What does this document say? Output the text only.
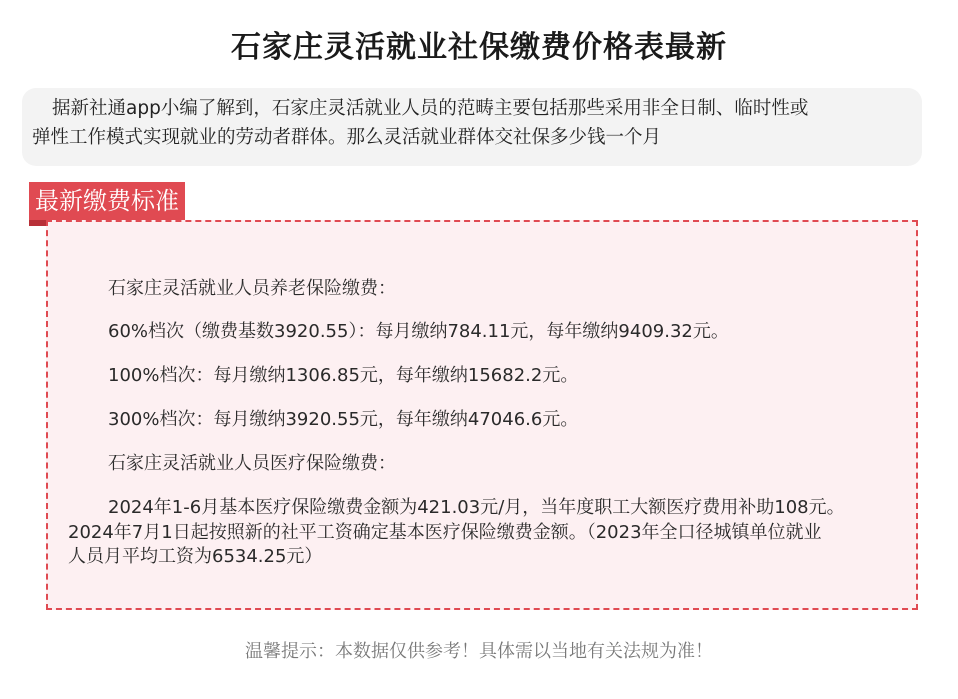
石家庄灵活就业社保缴费价格表最新
据新社通app小编了解到，石家庄灵活就业人员的范畴主要包括那些采用非全日制、临时性或
弹性工作模式实现就业的劳动者群体。那么灵活就业群体交社保多少钱一个月
最新缴费标准
石家庄灵活就业人员养老保险缴费：
60%档次（缴费基数3920.55）：每月缴纳784.11元，每年缴纳9409.32元。
100%档次：每月缴纳1306.85元，每年缴纳15682.2元。
300%档次：每月缴纳3920.55元，每年缴纳47046.6元。
石家庄灵活就业人员医疗保险缴费：
2024年1-6月基本医疗保险缴费金额为421.03元/月，当年度职工大额医疗费用补助108元。
2024年7月1日起按照新的社平工资确定基本医疗保险缴费金额。（2023年全口径城镇单位就业
人员月平均工资为6534.25元）
温馨提示：本数据仅供参考！具体需以当地有关法规为准！
